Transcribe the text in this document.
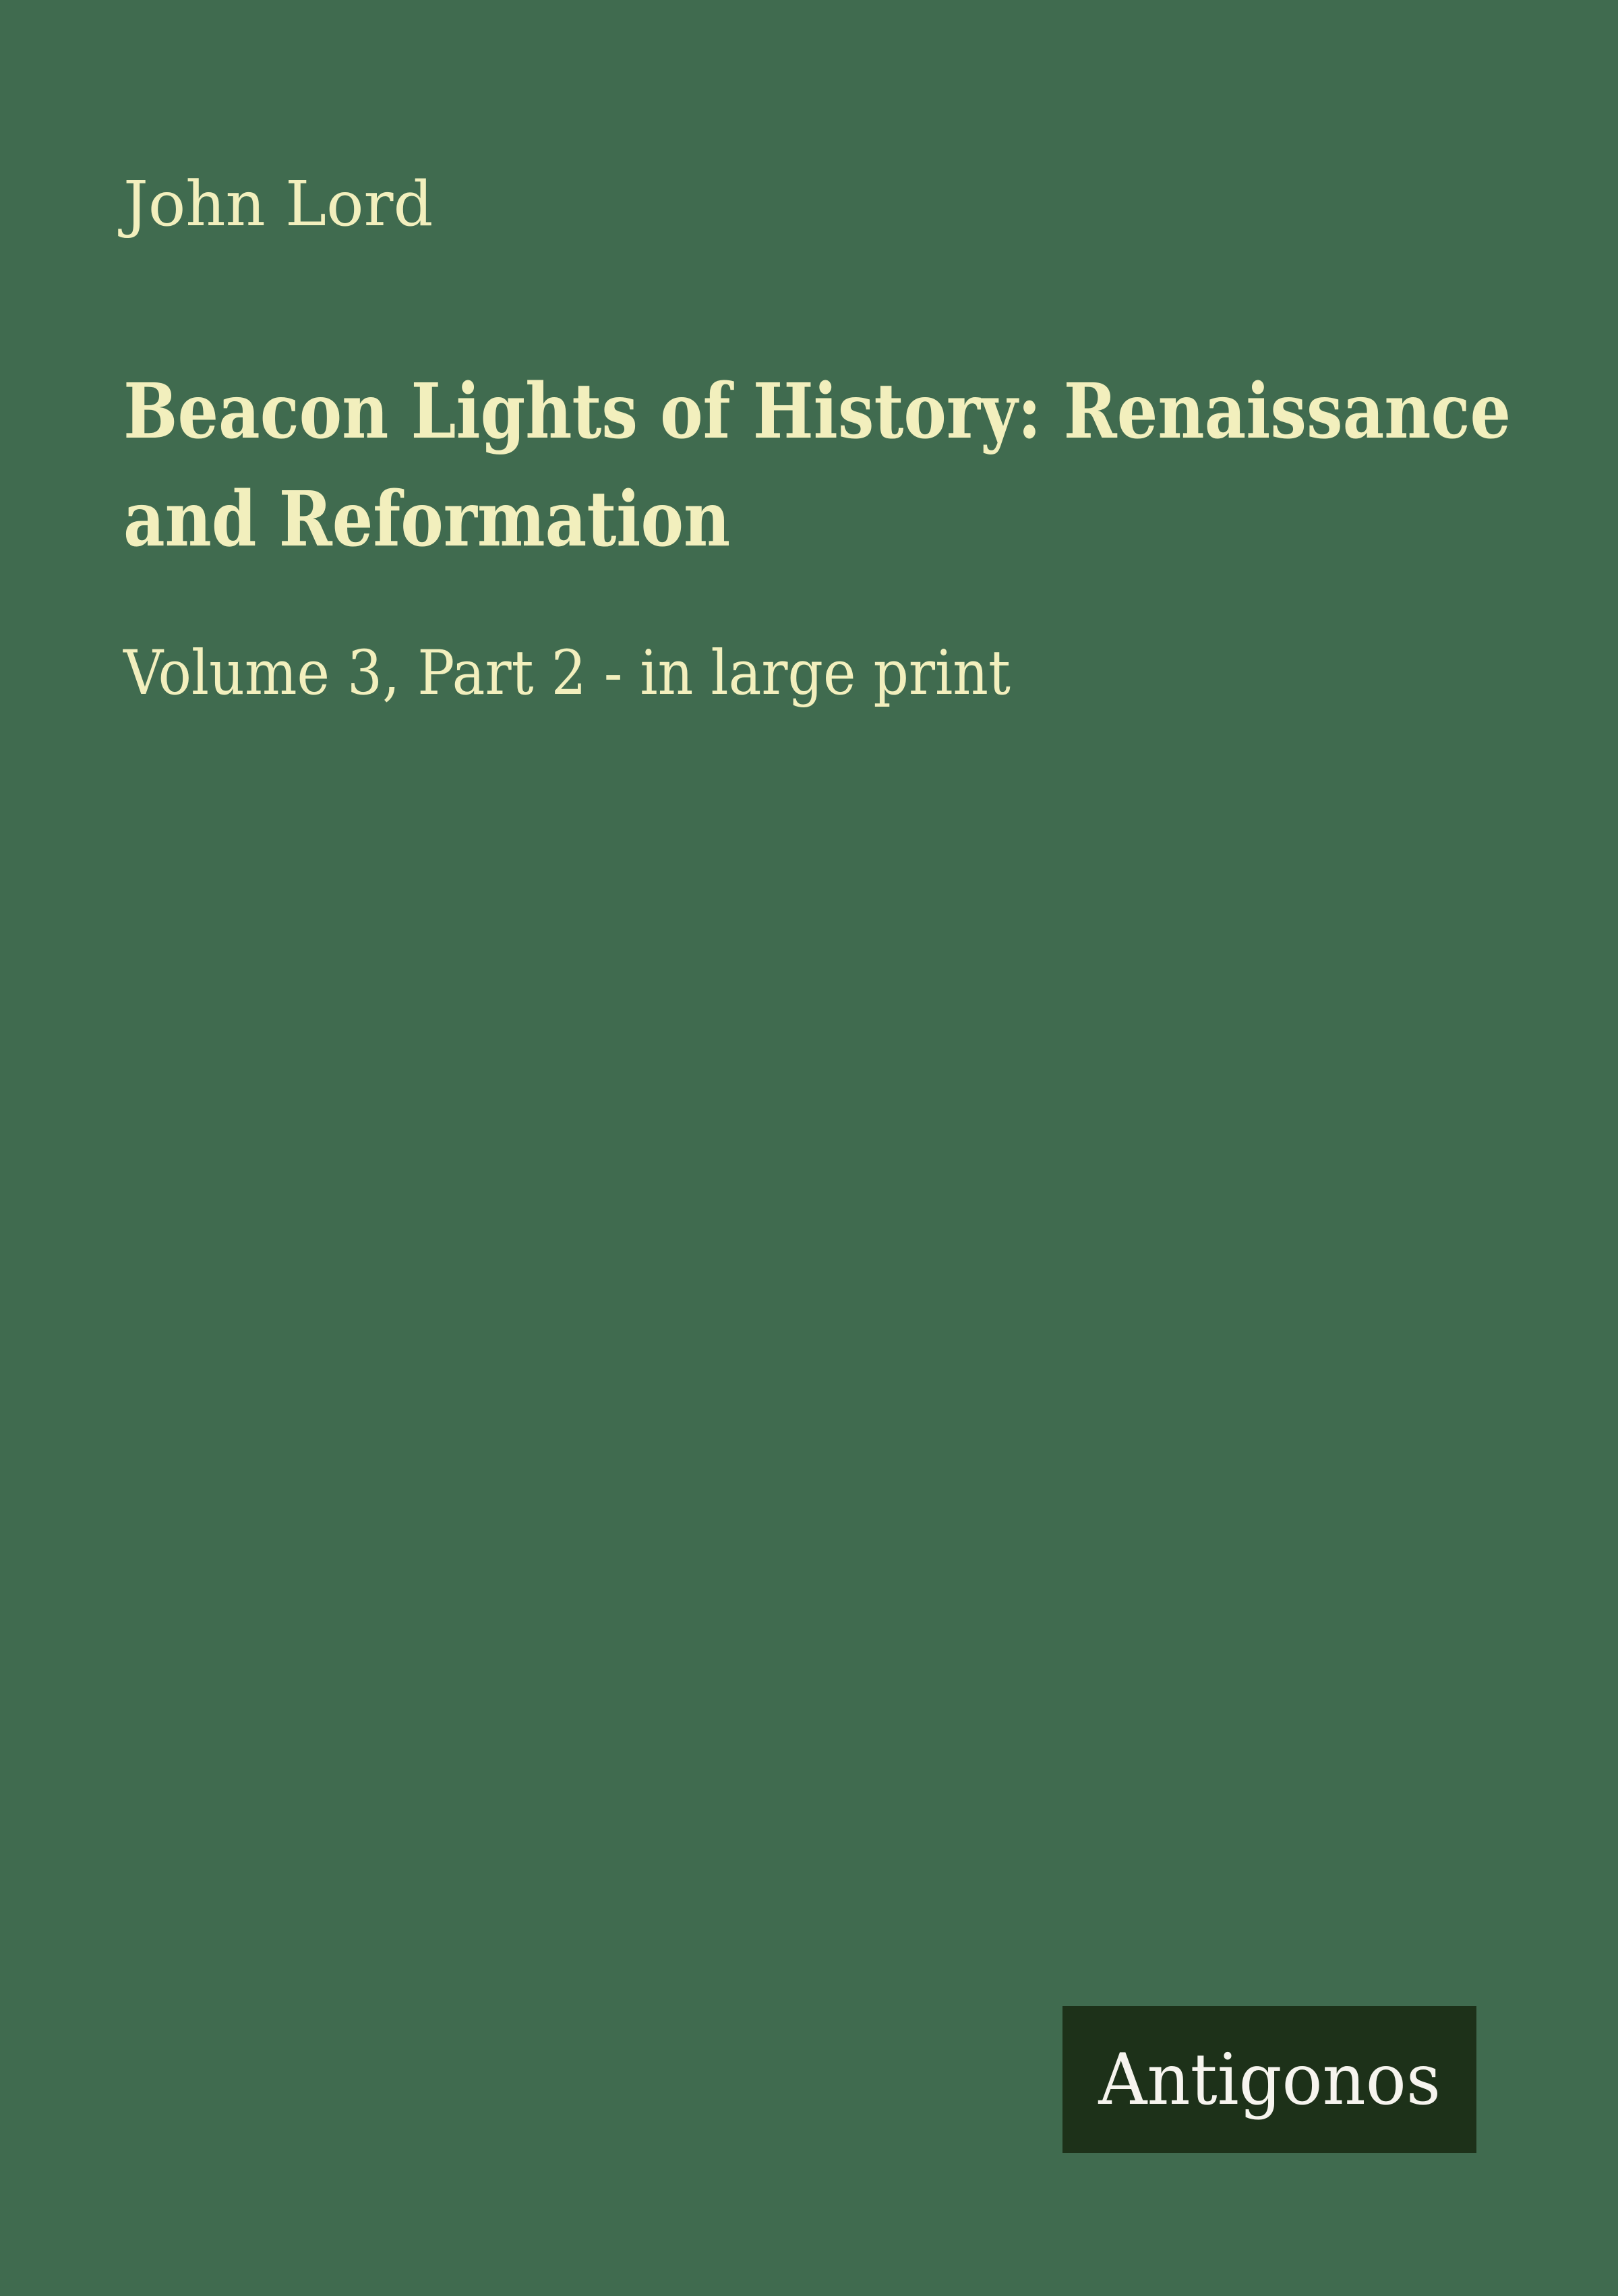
John Lord
Beacon Lights of History: Renaissance
and Reformation
Volume 3, Part 2 - in large print
Antigonos
